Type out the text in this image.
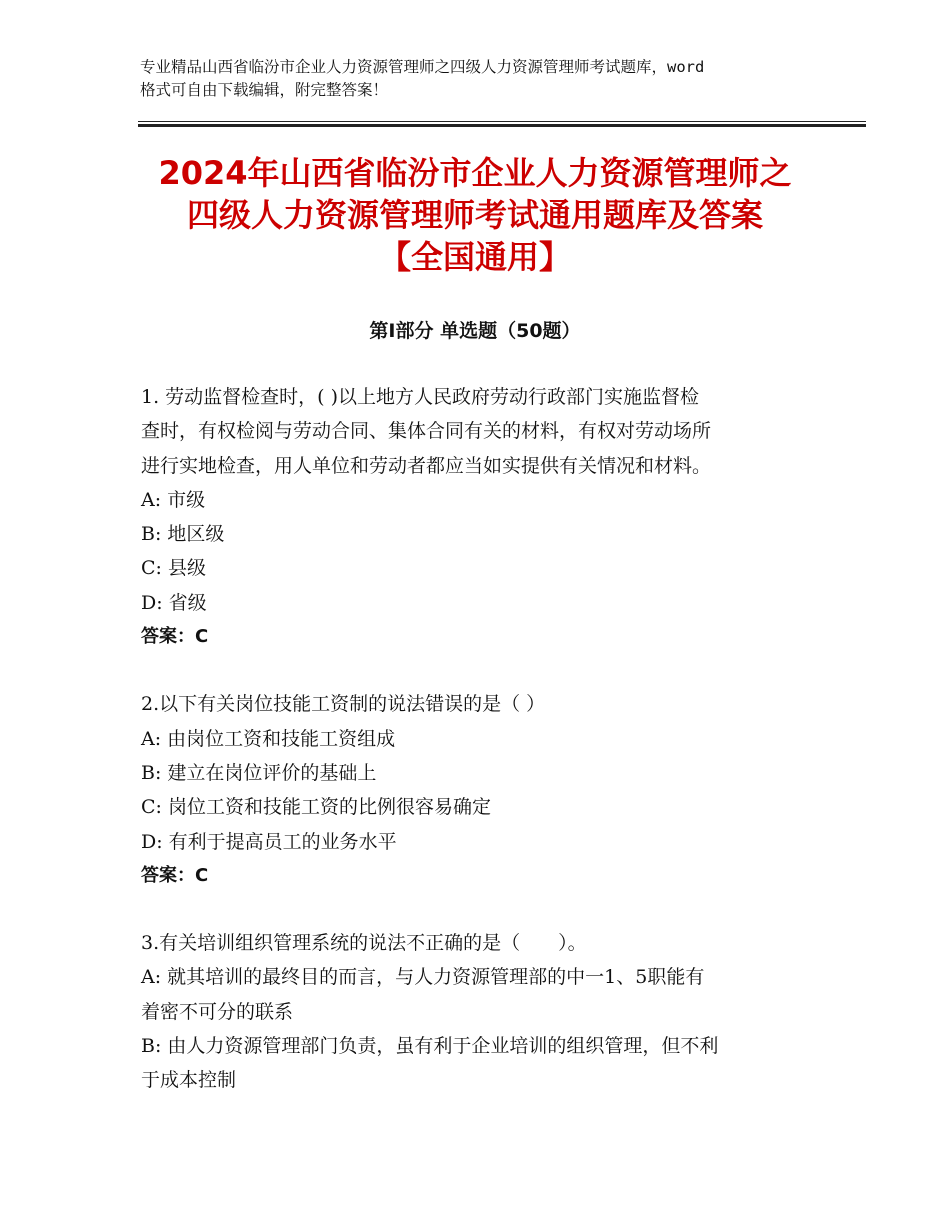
专业精品山西省临汾市企业人力资源管理师之四级人力资源管理师考试题库，word
格式可自由下载编辑，附完整答案！
2024年山西省临汾市企业人力资源管理师之
四级人力资源管理师考试通用题库及答案
【全国通用】
第Ⅰ部分 单选题（50题）

1. 劳动监督检查时，( )以上地方人民政府劳动行政部门实施监督检

查时，有权检阅与劳动合同、集体合同有关的材料，有权对劳动场所

进行实地检查，用人单位和劳动者都应当如实提供有关情况和材料。

A: 市级

B: 地区级

C: 县级

D: 省级

答案：C

2.以下有关岗位技能工资制的说法错误的是（ ）

A: 由岗位工资和技能工资组成

B: 建立在岗位评价的基础上

C: 岗位工资和技能工资的比例很容易确定

D: 有利于提高员工的业务水平

答案：C

3.有关培训组织管理系统的说法不正确的是（　　）。

A: 就其培训的最终目的而言，与人力资源管理部的中一1、5职能有

着密不可分的联系

B: 由人力资源管理部门负责，虽有利于企业培训的组织管理，但不利

于成本控制
